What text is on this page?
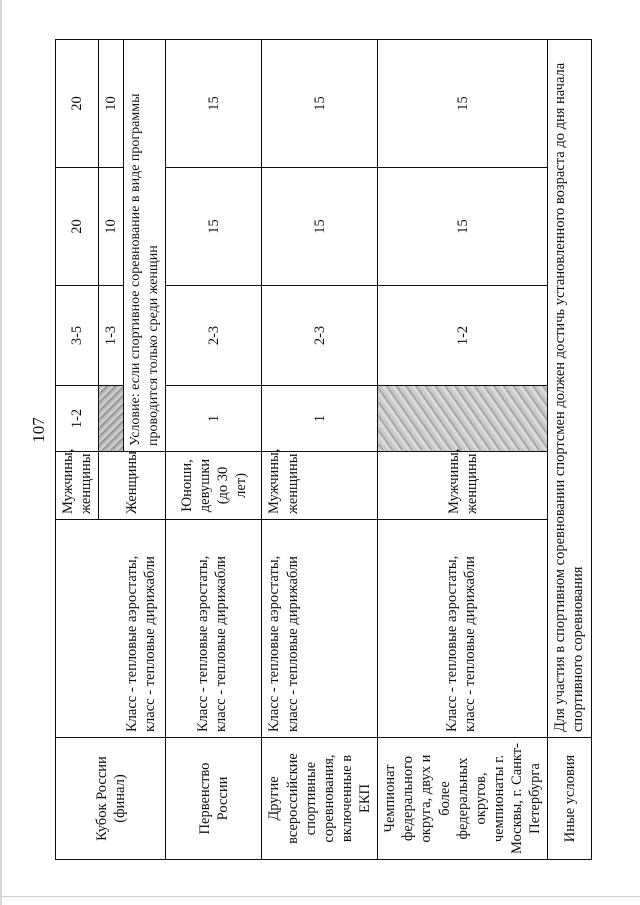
107
Кубок России (финал)	Класс - тепловые аэростаты, класс - тепловые дирижабли	Мужчины, женщины	1-2	3-5	20	20
		Женщины		1-3	10	10
			Условие: если спортивное соревнование в виде программы проводится только среди женщин			
Первенство России	Класс - тепловые аэростаты, класс - тепловые дирижабли	Юноши, девушки (до 30 лет)	1	2-3	15	15
Другие всероссийские спортивные соревнования, включенные в ЕКП	Класс - тепловые аэростаты, класс - тепловые дирижабли	Мужчины, женщины	1	2-3	15	15
Чемпионат федерального округа, двух и более федеральных округов, чемпионаты г. Москвы, г. Санкт-Петербурга	Класс - тепловые аэростаты, класс - тепловые дирижабли	Мужчины, женщины		1-2	15	15
Иные условия	Для участия в спортивном соревновании спортсмен должен достичь установленного возраста до дня начала спортивного соревнования					
